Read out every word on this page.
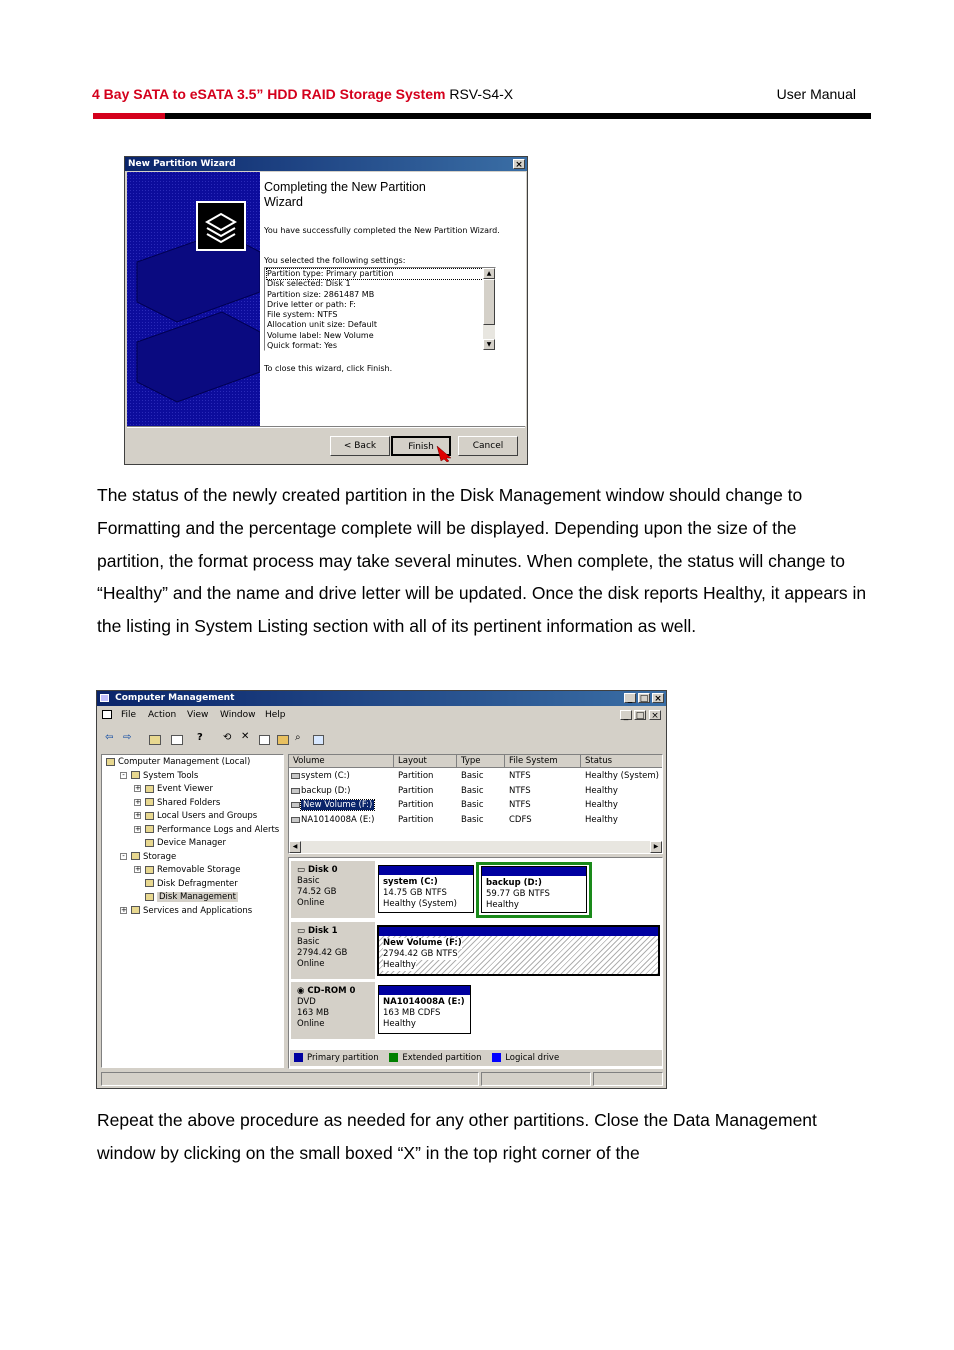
4 Bay SATA to eSATA 3.5” HDD RAID Storage System RSV-S4-X	User Manual
New Partition Wizard	×
Completing the New Partition
Wizard
You have successfully completed the New Partition Wizard.
You selected the following settings:
Partition type: Primary partition
Disk selected: Disk 1
Partition size: 2861487 MB
Drive letter or path: F:
File system: NTFS
Allocation unit size: Default
Volume label: New Volume
Quick format: Yes
▲
▼
To close this wizard, click Finish.
< Back	Finish	Cancel

The status of the newly created partition in the Disk Management window should change to Formatting and the percentage complete will be displayed. Depending upon the size of the partition, the format process may take several minutes. When complete, the status will change to “Healthy” and the name and drive letter will be updated. Once the disk reports Healthy, it appears in the listing in System Listing section with all of its pertinent information as well.

Computer Management	_ □ ×
File Action View Window Help	_ □ ×
⇦ ⇨	? ⟲ ✕	⌕
Computer Management (Local)
- System Tools
+ Event Viewer
+ Shared Folders
+ Local Users and Groups
+ Performance Logs and Alerts
Device Manager
- Storage
+ Removable Storage
Disk Defragmenter
Disk Management
+ Services and Applications
Volume	Layout	Type	File System	Status
system (C:)	Partition	Basic	NTFS	Healthy (System)
backup (D:)	Partition	Basic	NTFS	Healthy
New Volume (F:)	Partition	Basic	NTFS	Healthy
NA1014008A (E:)	Partition	Basic	CDFS	Healthy
◀	▶
▭ Disk 0
Basic
74.52 GB
Online
system (C:)
14.75 GB NTFS
Healthy (System)
backup (D:)
59.77 GB NTFS
Healthy
▭ Disk 1
Basic
2794.42 GB
Online
New Volume (F:)
2794.42 GB NTFS
Healthy
◉ CD-ROM 0
DVD
163 MB
Online
NA1014008A (E:)
163 MB CDFS
Healthy
Primary partition	Extended partition	Logical drive

Repeat the above procedure as needed for any other partitions. Close the Data Management window by clicking on the small boxed “X” in the top right corner of the
